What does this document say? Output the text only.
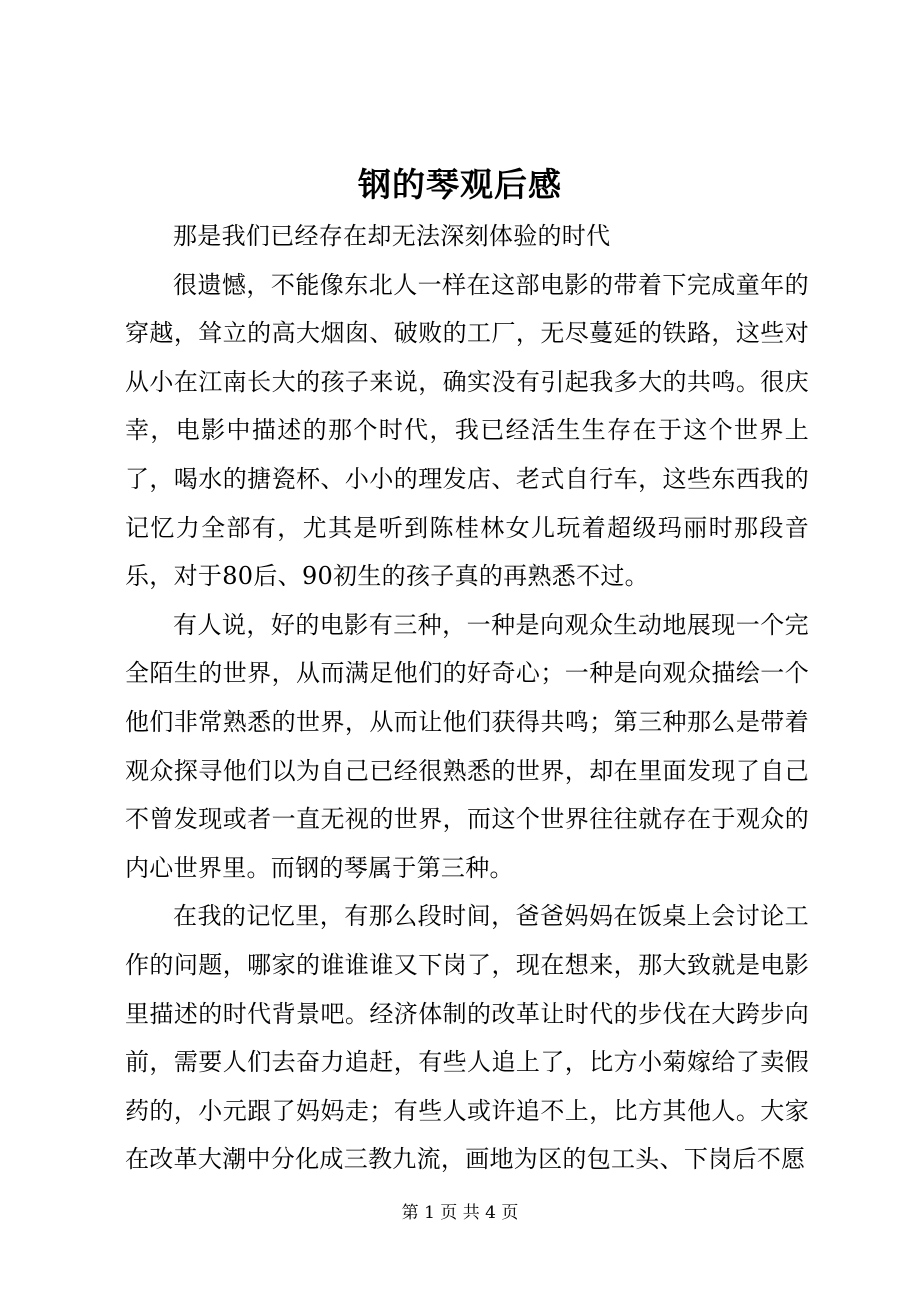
钢的琴观后感

那是我们已经存在却无法深刻体验的时代

很遗憾，不能像东北人一样在这部电影的带着下完成童年的穿越，耸立的高大烟囱、破败的工厂，无尽蔓延的铁路，这些对从小在江南长大的孩子来说，确实没有引起我多大的共鸣。很庆幸，电影中描述的那个时代，我已经活生生存在于这个世界上了，喝水的搪瓷杯、小小的理发店、老式自行车，这些东西我的记忆力全部有，尤其是听到陈桂林女儿玩着超级玛丽时那段音乐，对于80后、90初生的孩子真的再熟悉不过。

有人说，好的电影有三种，一种是向观众生动地展现一个完全陌生的世界，从而满足他们的好奇心；一种是向观众描绘一个他们非常熟悉的世界，从而让他们获得共鸣；第三种那么是带着观众探寻他们以为自己已经很熟悉的世界，却在里面发现了自己不曾发现或者一直无视的世界，而这个世界往往就存在于观众的内心世界里。而钢的琴属于第三种。

在我的记忆里，有那么段时间，爸爸妈妈在饭桌上会讨论工作的问题，哪家的谁谁谁又下岗了，现在想来，那大致就是电影里描述的时代背景吧。经济体制的改革让时代的步伐在大跨步向前，需要人们去奋力追赶，有些人追上了，比方小菊嫁给了卖假药的，小元跟了妈妈走；有些人或许追不上，比方其他人。大家在改革大潮中分化成三教九流，画地为区的包工头、下岗后不愿

第 1 页 共 4 页
